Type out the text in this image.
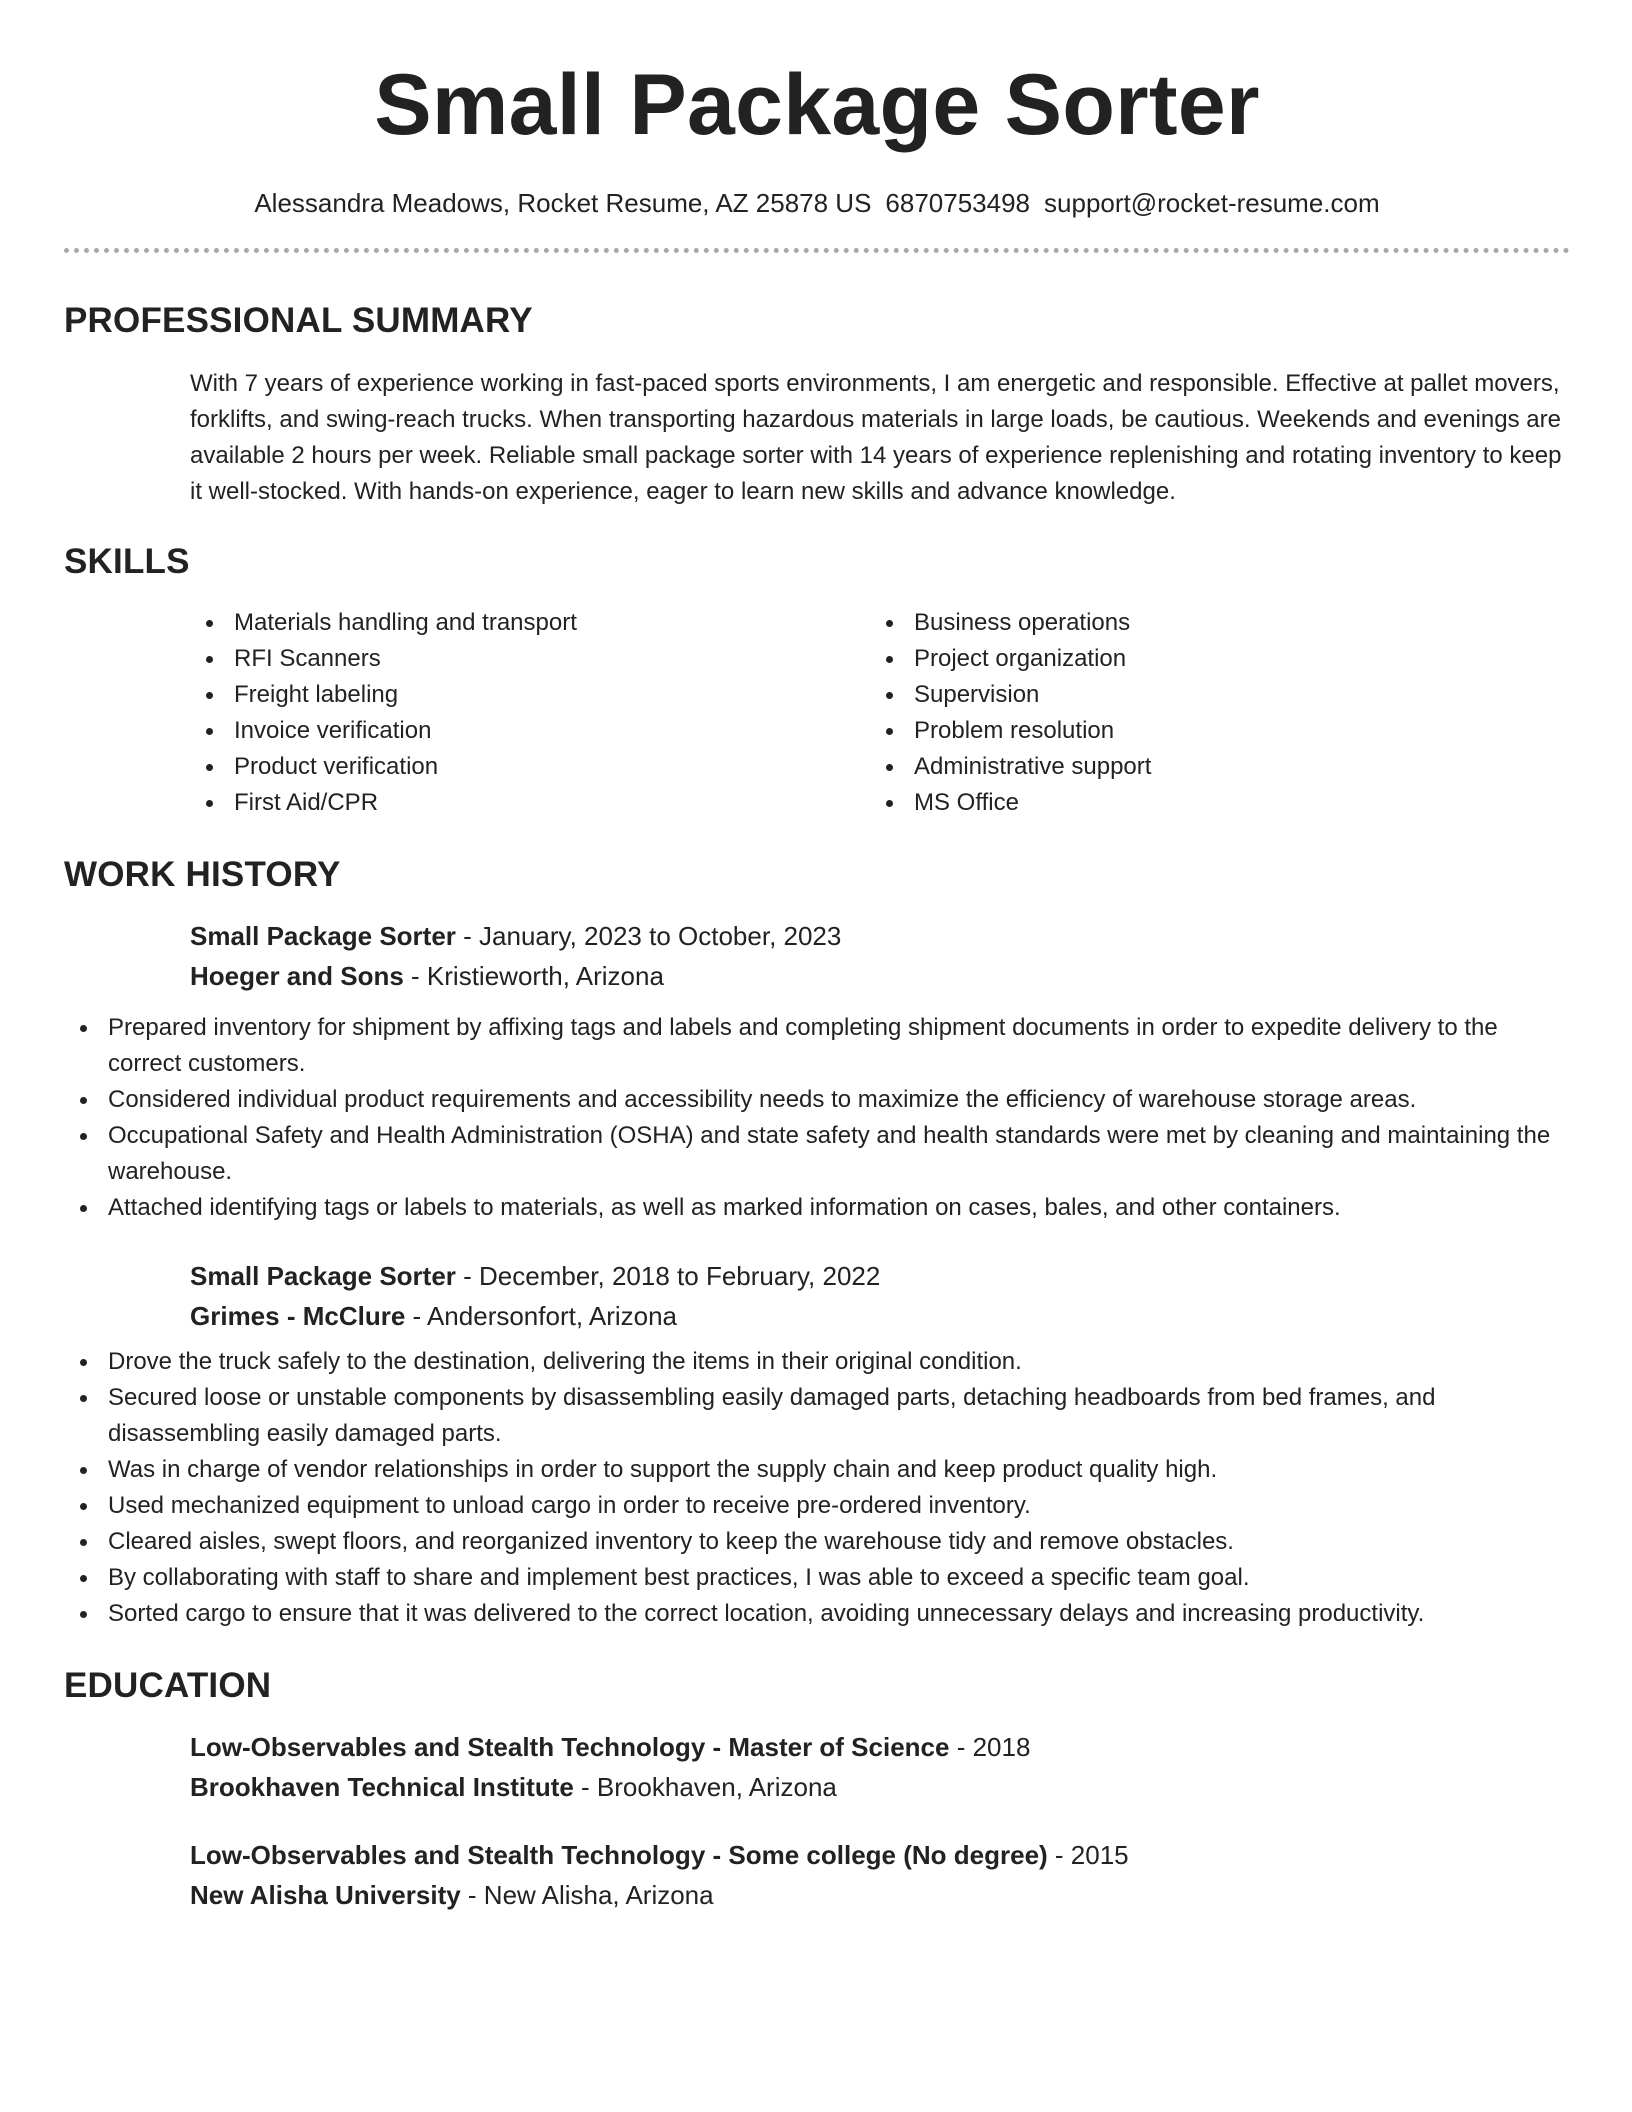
Small Package Sorter
Alessandra Meadows, Rocket Resume, AZ 25878 US 6870753498 support@rocket-resume.com
PROFESSIONAL SUMMARY

With 7 years of experience working in fast-paced sports environments, I am energetic and responsible. Effective at pallet movers, forklifts, and swing-reach trucks. When transporting hazardous materials in large loads, be cautious. Weekends and evenings are available 2 hours per week. Reliable small package sorter with 14 years of experience replenishing and rotating inventory to keep it well-stocked. With hands-on experience, eager to learn new skills and advance knowledge.

SKILLS
Materials handling and transport
RFI Scanners
Freight labeling
Invoice verification
Product verification
First Aid/CPR
Business operations
Project organization
Supervision
Problem resolution
Administrative support
MS Office
WORK HISTORY
Small Package Sorter - January, 2023 to October, 2023
Hoeger and Sons - Kristieworth, Arizona
Prepared inventory for shipment by affixing tags and labels and completing shipment documents in order to expedite delivery to the correct customers.
Considered individual product requirements and accessibility needs to maximize the efficiency of warehouse storage areas.
Occupational Safety and Health Administration (OSHA) and state safety and health standards were met by cleaning and maintaining the warehouse.
Attached identifying tags or labels to materials, as well as marked information on cases, bales, and other containers.
Small Package Sorter - December, 2018 to February, 2022
Grimes - McClure - Andersonfort, Arizona
Drove the truck safely to the destination, delivering the items in their original condition.
Secured loose or unstable components by disassembling easily damaged parts, detaching headboards from bed frames, and disassembling easily damaged parts.
Was in charge of vendor relationships in order to support the supply chain and keep product quality high.
Used mechanized equipment to unload cargo in order to receive pre-ordered inventory.
Cleared aisles, swept floors, and reorganized inventory to keep the warehouse tidy and remove obstacles.
By collaborating with staff to share and implement best practices, I was able to exceed a specific team goal.
Sorted cargo to ensure that it was delivered to the correct location, avoiding unnecessary delays and increasing productivity.
EDUCATION
Low-Observables and Stealth Technology - Master of Science - 2018
Brookhaven Technical Institute - Brookhaven, Arizona
Low-Observables and Stealth Technology - Some college (No degree) - 2015
New Alisha University - New Alisha, Arizona
